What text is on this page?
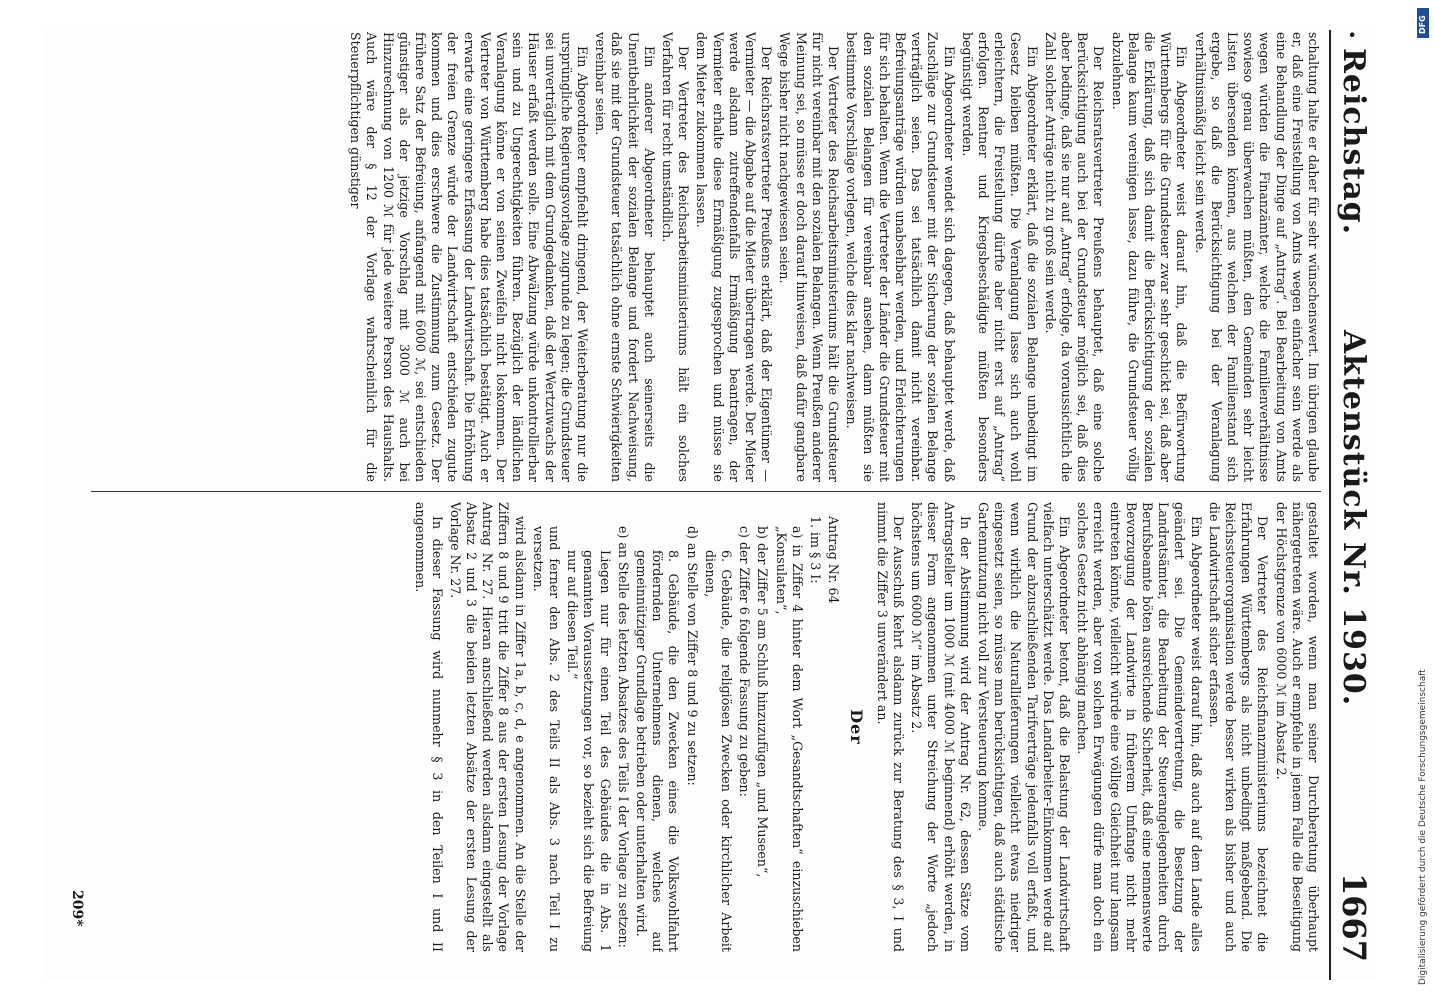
•
Reichstag.
Aktenstück Nr. 1930.
1667

schaltung halte er daher für sehr wünschenswert. Im übrigen glaube er, daß eine Freistellung von Amts wegen einfacher sein werde als eine Behandlung der Dinge auf „Antrag“. Bei Bearbeitung von Amts wegen würden die Finanzämter, welche die Familienverhältnisse sowieso genau überwachen müßten, den Gemeinden sehr leicht Listen übersenden können, aus welchen der Familienstand sich ergebe, so daß die Berücksichtigung bei der Veranlagung verhältnismäßig leicht sein werde.

Ein Abgeordneter weist darauf hin, daß die Befürwortung Württembergs für die Grundsteuer zwar sehr geschickt sei, daß aber die Erklärung, daß sich damit die Berücksichtigung der sozialen Belange kaum vereinigen lasse, dazu führe, die Grundsteuer völlig abzulehnen.

Der Reichsratsvertreter Preußens behauptet, daß eine solche Berücksichtigung auch bei der Grundsteuer möglich sei, daß dies aber bedinge, daß sie nur auf „Antrag“ erfolge, da voraussichtlich die Zahl solcher Anträge nicht zu groß sein werde.

Ein Abgeordneter erklärt, daß die sozialen Belange unbedingt im Gesetz bleiben müßten. Die Veranlagung lasse sich auch wohl erleichtern, die Freistellung dürfte aber nicht erst auf „Antrag“ erfolgen. Rentner und Kriegsbeschädigte müßten besonders begünstigt werden.

Ein Abgeordneter wendet sich dagegen, daß behauptet werde, daß Zuschläge zur Grundsteuer mit der Sicherung der sozialen Belange verträglich seien. Das sei tatsächlich damit nicht vereinbar. Befreiungsanträge würden unabsehbar werden, und Erleichterungen für sich behalten. Wenn die Vertreter der Länder die Grundsteuer mit den sozialen Belangen für vereinbar ansehen, dann müßten sie bestimmte Vorschläge vorlegen, welche dies klar nachweisen.

Der Vertreter des Reichsarbeitsministeriums hält die Grundsteuer für nicht vereinbar mit den sozialen Belangen. Wenn Preußen anderer Meinung sei, so müsse er doch darauf hinweisen, daß dafür gangbare Wege bisher nicht nachgewiesen seien.

Der Reichsratsvertreter Preußens erklärt, daß der Eigentümer — Vermieter — die Abgabe auf die Mieter übertragen werde. Der Mieter werde alsdann zutreffendenfalls Ermäßigung beantragen, der Vermieter erhalte diese Ermäßigung zugesprochen und müsse sie dem Mieter zukommen lassen.

Der Vertreter des Reichsarbeitsministeriums hält ein solches Verfahren für recht umständlich.

Ein anderer Abgeordneter behauptet auch seinerseits die Unentbehrlichkeit der sozialen Belange und fordert Nachweisung, daß sie mit der Grundsteuer tatsächlich ohne ernste Schwierigkeiten vereinbar seien.

Ein Abgeordneter empfiehlt dringend, der Weiterberatung nur die ursprüngliche Regierungsvorlage zugrunde zu legen; die Grundsteuer sei unverträglich mit dem Grundgedanken, daß der Wertzuwachs der Häuser erfaßt werden solle. Eine Abwälzung würde unkontrollierbar sein und zu Ungerechtigkeiten führen. Bezüglich der ländlichen Veranlagung könne er von seinen Zweifeln nicht loskommen. Der Vertreter von Württemberg habe dies tatsächlich bestätigt. Auch er erwarte eine geringere Erfassung der Landwirtschaft. Die Erhöhung der freien Grenze würde der Landwirtschaft entschieden zugute kommen und dies erschwere die Zustimmung zum Gesetz. Der frühere Satz der Befreiung, anfangend mit 6000 ℳ, sei entschieden günstiger als der jetzige Vorschlag mit 3000 ℳ auch bei Hinzurechnung von 1200 ℳ für jede weitere Person des Haushalts. Auch wäre der § 12 der Vorlage wahrscheinlich für die Steuerpflichtigen günstiger

gestaltet worden, wenn man seiner Durchberatung überhaupt nähergetreten wäre. Auch er empfehle in jenem Falle die Beseitigung der Höchstgrenze von 6000 ℳ im Absatz 2.

Der Vertreter des Reichsfinanzministeriums bezeichnet die Erfahrungen Württembergs als nicht unbedingt maßgebend. Die Reichssteuerorganisation werde besser wirken als bisher und auch die Landwirtschaft sicher erfassen.

Ein Abgeordneter weist darauf hin, daß auch auf dem Lande alles geändert sei. Die Gemeindevertretung, die Besetzung der Landratsämter, die Bearbeitung der Steuerangelegenheiten durch Berufsbeamte böten ausreichende Sicherheit, daß eine nennenswerte Bevorzugung der Landwirte in früherem Umfange nicht mehr eintreten könnte, vielleicht würde eine völlige Gleichheit nur langsam erreicht werden, aber von solchen Erwägungen dürfe man doch ein solches Gesetz nicht abhängig machen.

Ein Abgeordneter betont, daß die Belastung der Landwirtschaft vielfach unterschätzt werde. Das Landarbeiter-Einkommen werde auf Grund der abzuschließenden Tarifverträge jedenfalls voll erfaßt, und wenn wirklich die Naturallieferungen vielleicht etwas niedriger eingesetzt seien, so müsse man berücksichtigen, daß auch städtische Gartennutzung nicht voll zur Versteuerung komme.

In der Abstimmung wird der Antrag Nr. 62, dessen Sätze vom Antragsteller um 1000 ℳ (mit 4000 ℳ beginnend) erhöht werden, in dieser Form angenommen unter Streichung der Worte „jedoch höchstens um 6000 ℳ“ im Absatz 2.

Der Ausschuß kehrt alsdann zurück zur Beratung des § 3, I und nimmt die Ziffer 3 unverändert an.

Der

Antrag Nr. 64

1. im § 3 I:

a) in Ziffer 4 hinter dem Wort „Gesandtschaften“ einzuschieben „Konsulaten“,

b) der Ziffer 5 am Schluß hinzuzufügen „und Museen“,

c) der Ziffer 6 folgende Fassung zu geben:

6. Gebäude, die religiösen Zwecken oder kirchlicher Arbeit dienen,

d) an Stelle von Ziffer 8 und 9 zu setzen:

8. Gebäude, die den Zwecken eines die Volkswohlfahrt fördernden Unternehmens dienen, welches auf gemeinnütziger Grundlage betrieben oder unterhalten wird.

e) an Stelle des letzten Absatzes des Teils I der Vorlage zu setzen:

Liegen nur für einen Teil des Gebäudes die in Abs. 1 genannten Voraussetzungen vor, so bezieht sich die Befreiung nur auf diesen Teil.“

und ferner den Abs. 2 des Teils II als Abs. 3 nach Teil I zu versetzen.

wird alsdann in Ziffer 1a, b, c, d, e angenommen. An die Stelle der Ziffern 8 und 9 tritt die Ziffer 8 aus der ersten Lesung der Vorlage Antrag Nr. 27. Hieran anschließend werden alsdann eingestellt als Absatz 2 und 3 die beiden letzten Absätze der ersten Lesung der Vorlage Nr. 27.

In dieser Fassung wird nunmehr § 3 in den Teilen I und II angenommen.

209*
DFG
Digitalisierung gefördert durch die Deutsche Forschungsgemeinschaft
